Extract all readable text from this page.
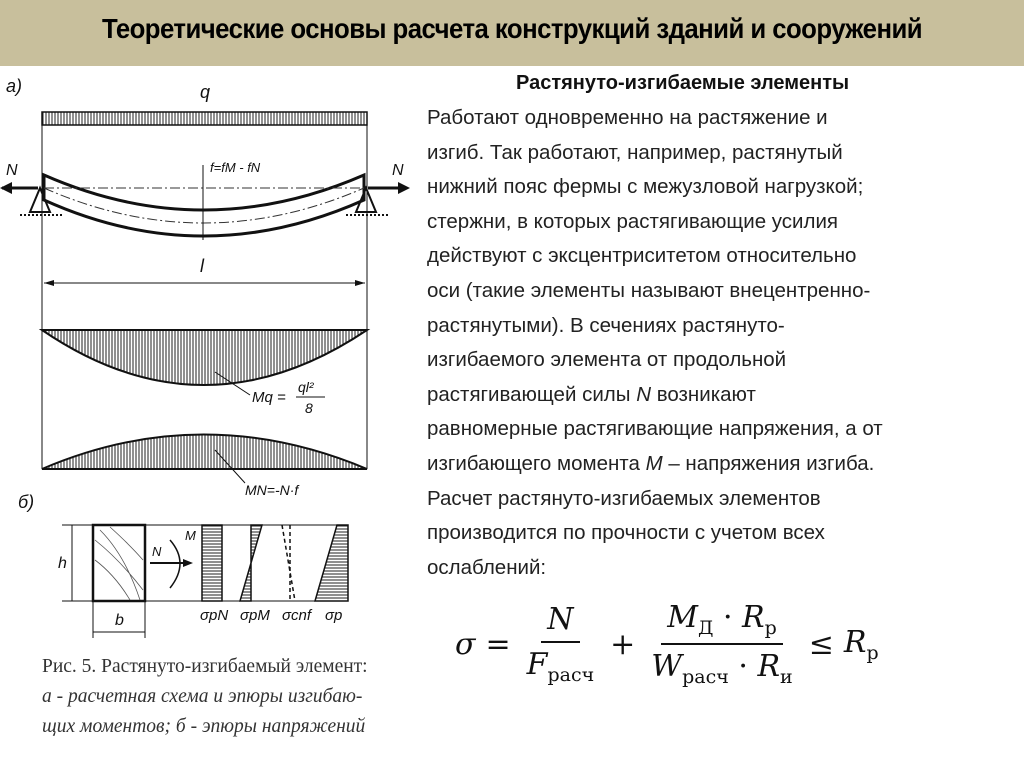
Теоретические основы расчета конструкций зданий и сооружений
а)	q
f=fM - fN
N	N
l
Mq =
ql²
8
MN=-N·f
б)
h
b
N
M
σpN σpM σcnf σp
Рис. 5. Растянуто-изгибаемый элемент:
а - расчетная схема и эпюры изгибаю-
щих моментов; б - эпюры напряжений
Растянуто-изгибаемые элементы
Работают одновременно на растяжение и
изгиб. Так работают, например, растянутый
нижний пояс фермы с межузловой нагрузкой;
стержни, в которых растягивающие усилия
действуют с эксцентриситетом относительно
оси (такие элементы называют внецентренно-
растянутыми). В сечениях растянуто-
изгибаемого элемента от продольной
растягивающей силы N возникают
равномерные растягивающие напряжения, а от
изгибающего момента M – напряжения изгиба.
Расчет растянуто-изгибаемых элементов
производится по прочности с учетом всех
ослаблений:
$\sigma = \frac{N}{F_{расч}} + \frac{M_Д \cdot R_р}{W_{расч} \cdot R_и} \le R_р$
